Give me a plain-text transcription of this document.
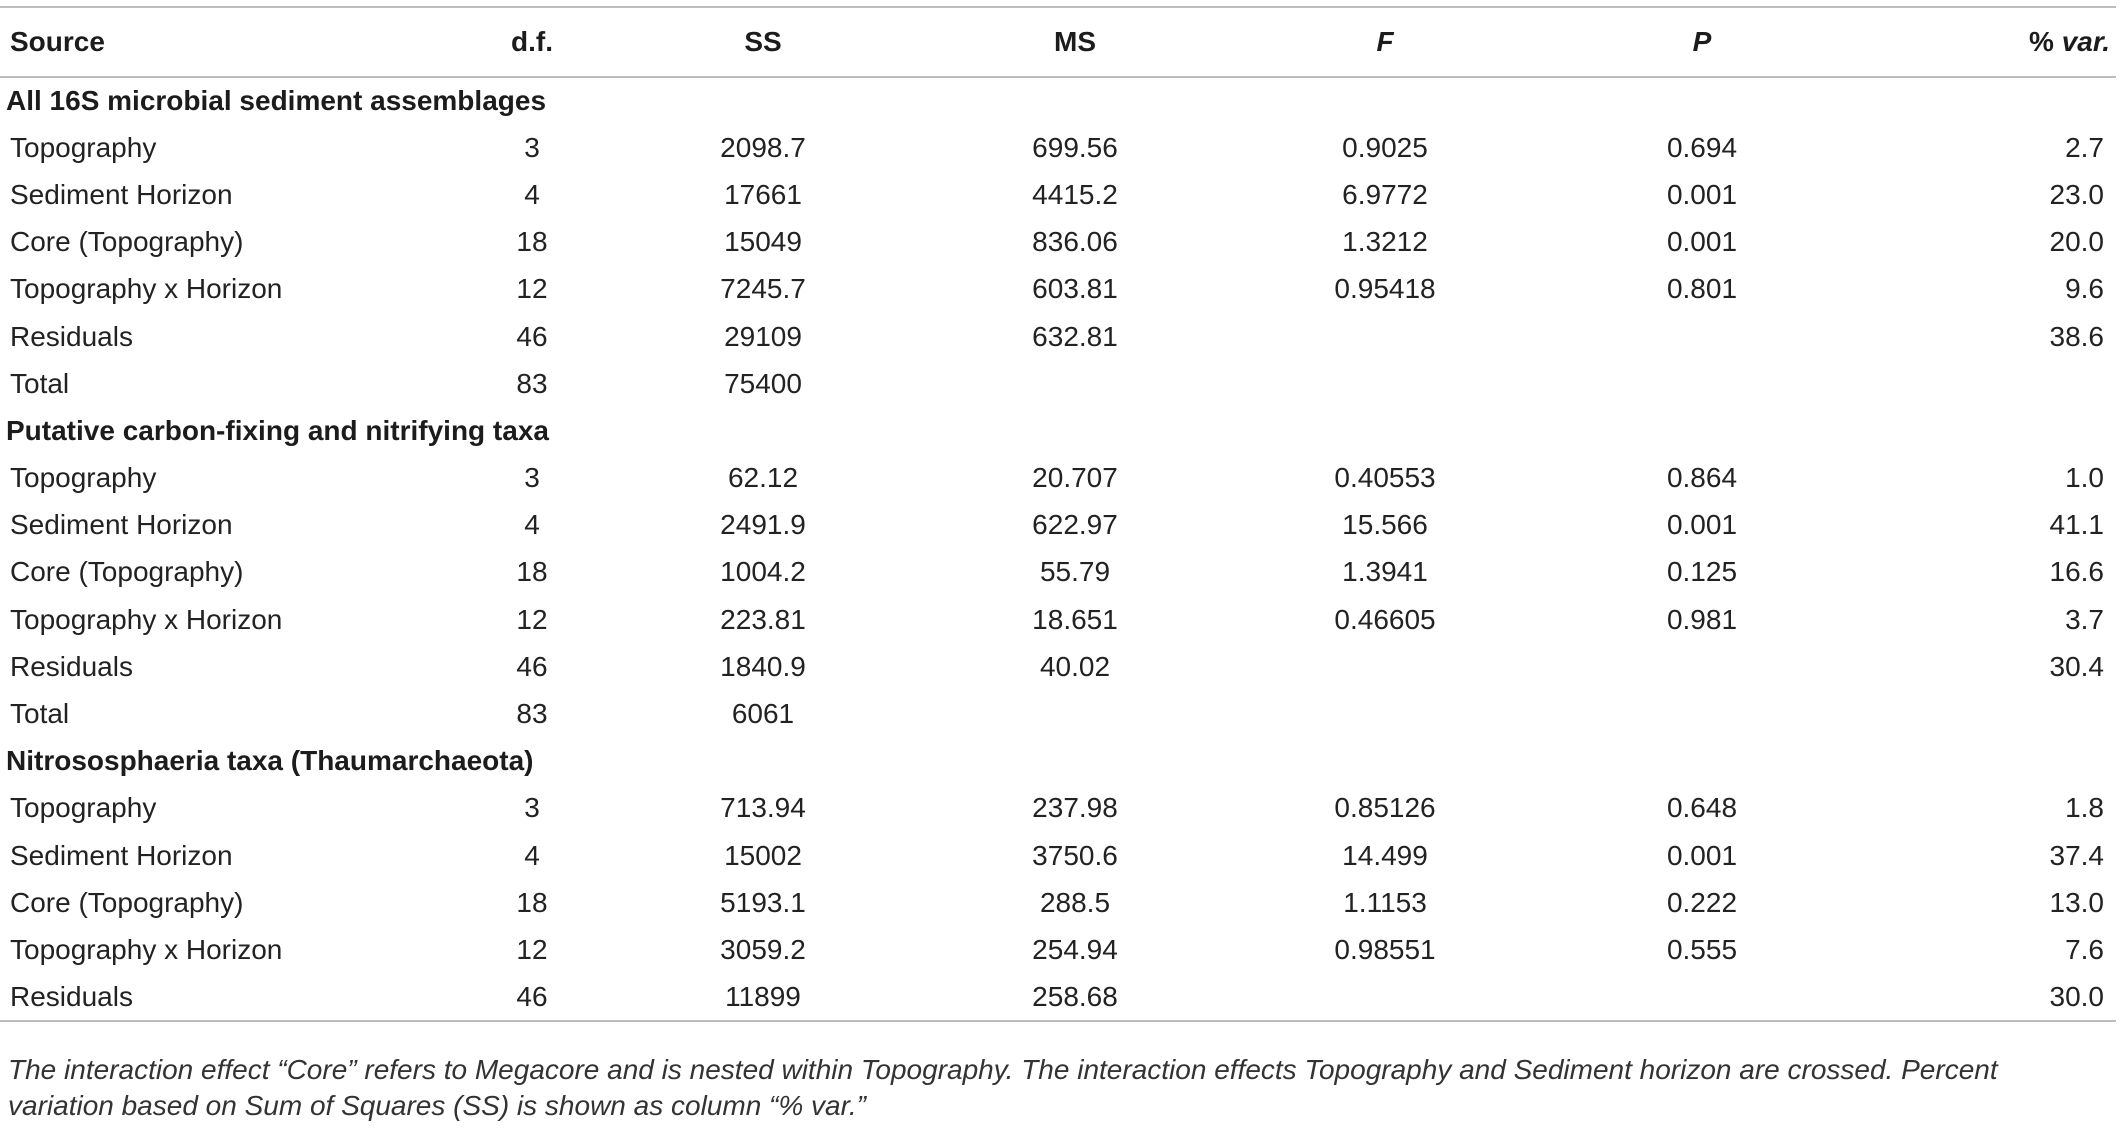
Source	d.f.	SS	MS	F	P	% var.
All 16S microbial sediment assemblages						
Topography	3	2098.7	699.56	0.9025	0.694	2.7
Sediment Horizon	4	17661	4415.2	6.9772	0.001	23.0
Core (Topography)	18	15049	836.06	1.3212	0.001	20.0
Topography x Horizon	12	7245.7	603.81	0.95418	0.801	9.6
Residuals	46	29109	632.81			38.6
Total	83	75400				
Putative carbon-fixing and nitrifying taxa						
Topography	3	62.12	20.707	0.40553	0.864	1.0
Sediment Horizon	4	2491.9	622.97	15.566	0.001	41.1
Core (Topography)	18	1004.2	55.79	1.3941	0.125	16.6
Topography x Horizon	12	223.81	18.651	0.46605	0.981	3.7
Residuals	46	1840.9	40.02			30.4
Total	83	6061				
Nitrososphaeria taxa (Thaumarchaeota)						
Topography	3	713.94	237.98	0.85126	0.648	1.8
Sediment Horizon	4	15002	3750.6	14.499	0.001	37.4
Core (Topography)	18	5193.1	288.5	1.1153	0.222	13.0
Topography x Horizon	12	3059.2	254.94	0.98551	0.555	7.6
Residuals	46	11899	258.68			30.0
The interaction effect “Core” refers to Megacore and is nested within Topography. The interaction effects Topography and Sediment horizon are crossed. Percent variation based on Sum of Squares (SS) is shown as column “% var.”
